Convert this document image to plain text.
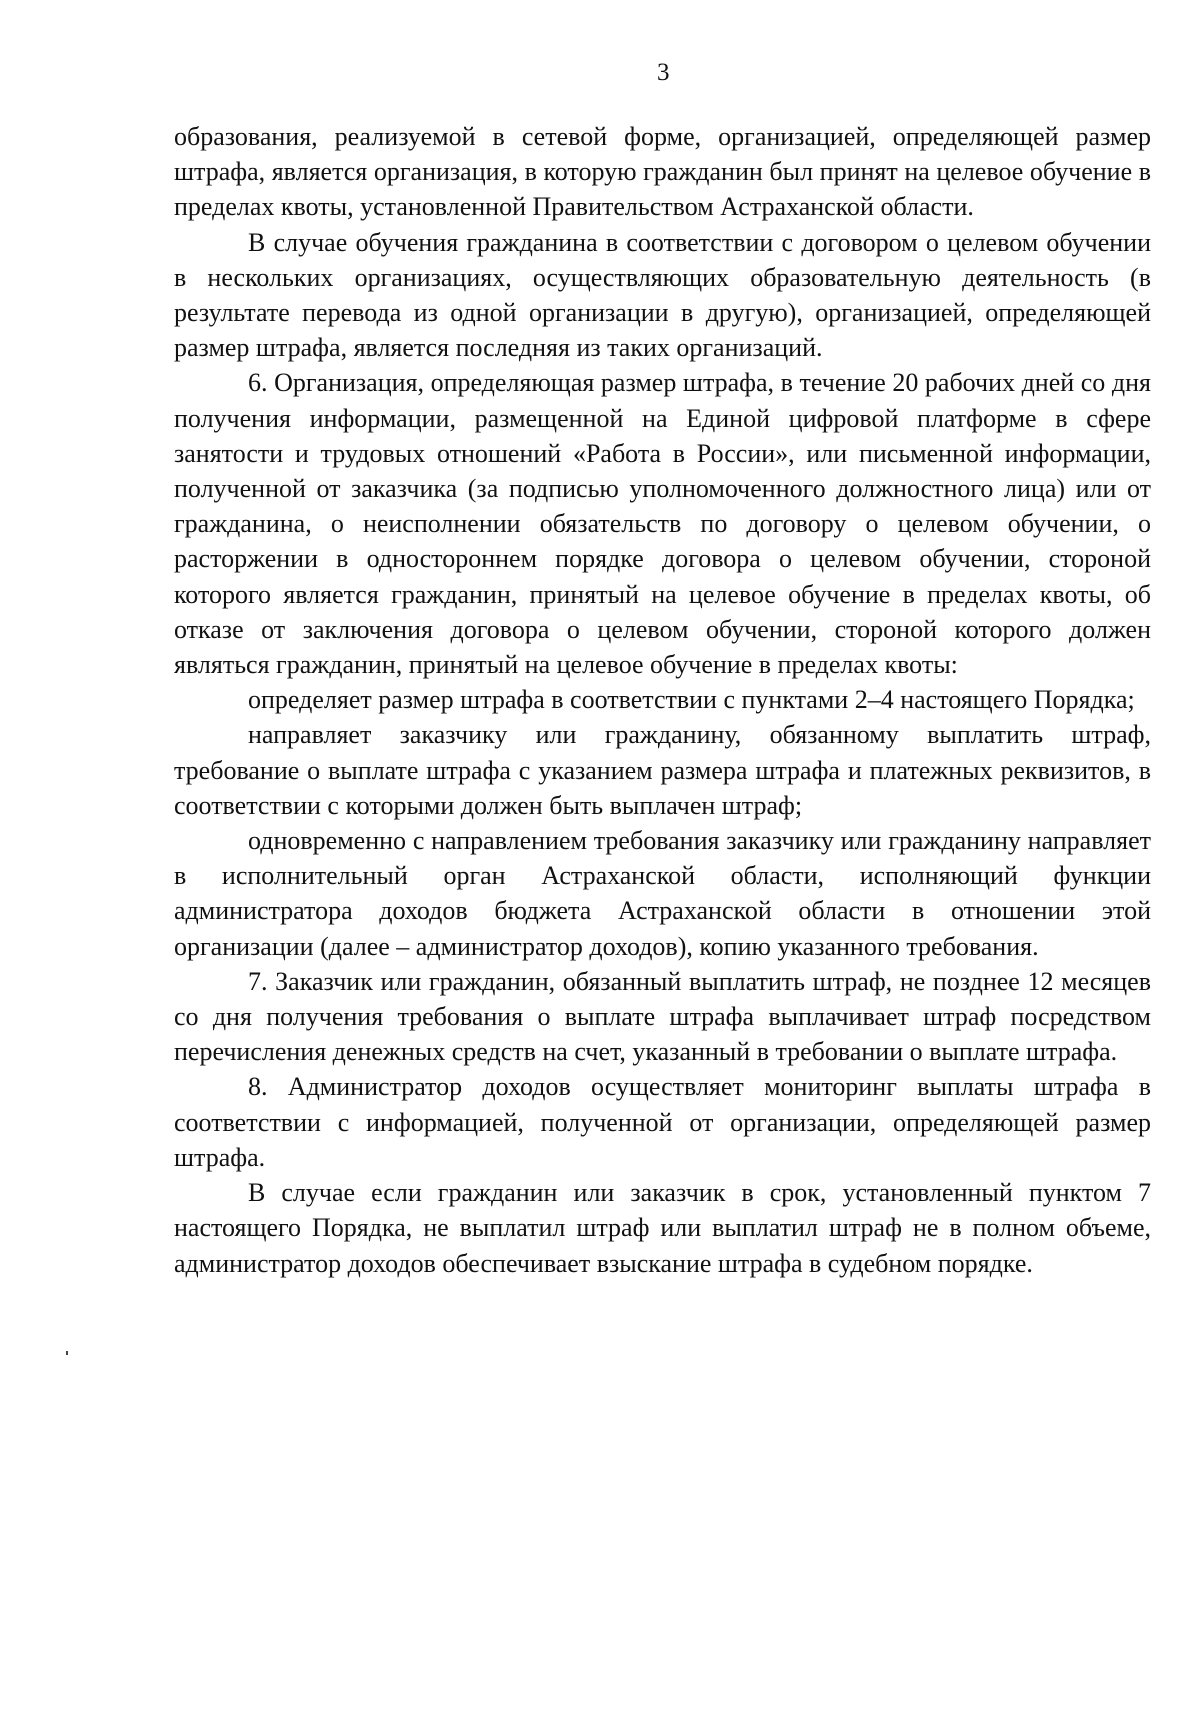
3

образования, реализуемой в сетевой форме, организацией, определяющей размер штрафа, является организация, в которую гражданин был принят на целевое обучение в пределах квоты, установленной Правительством Астраханской области.

В случае обучения гражданина в соответствии с договором о целевом обучении в нескольких организациях, осуществляющих образовательную деятельность (в результате перевода из одной организации в другую), организацией, определяющей размер штрафа, является последняя из таких организаций.

6. Организация, определяющая размер штрафа, в течение 20 рабочих дней со дня получения информации, размещенной на Единой цифровой платформе в сфере занятости и трудовых отношений «Работа в России», или письменной информации, полученной от заказчика (за подписью уполномоченного должностного лица) или от гражданина, о неисполнении обязательств по договору о целевом обучении, о расторжении в одностороннем порядке договора о целевом обучении, стороной которого является гражданин, принятый на целевое обучение в пределах квоты, об отказе от заключения договора о целевом обучении, стороной которого должен являться гражданин, принятый на целевое обучение в пределах квоты:

определяет размер штрафа в соответствии с пунктами 2–4 настоящего Порядка;

направляет заказчику или гражданину, обязанному выплатить штраф, требование о выплате штрафа с указанием размера штрафа и платежных реквизитов, в соответствии с которыми должен быть выплачен штраф;

одновременно с направлением требования заказчику или гражданину направляет в исполнительный орган Астраханской области, исполняющий функции администратора доходов бюджета Астраханской области в отношении этой организации (далее – администратор доходов), копию указанного требования.

7. Заказчик или гражданин, обязанный выплатить штраф, не позднее 12 месяцев со дня получения требования о выплате штрафа выплачивает штраф посредством перечисления денежных средств на счет, указанный в требовании о выплате штрафа.

8. Администратор доходов осуществляет мониторинг выплаты штрафа в соответствии с информацией, полученной от организации, определяющей размер штрафа.

В случае если гражданин или заказчик в срок, установленный пунктом 7 настоящего Порядка, не выплатил штраф или выплатил штраф не в полном объеме, администратор доходов обеспечивает взыскание штрафа в судебном порядке.
